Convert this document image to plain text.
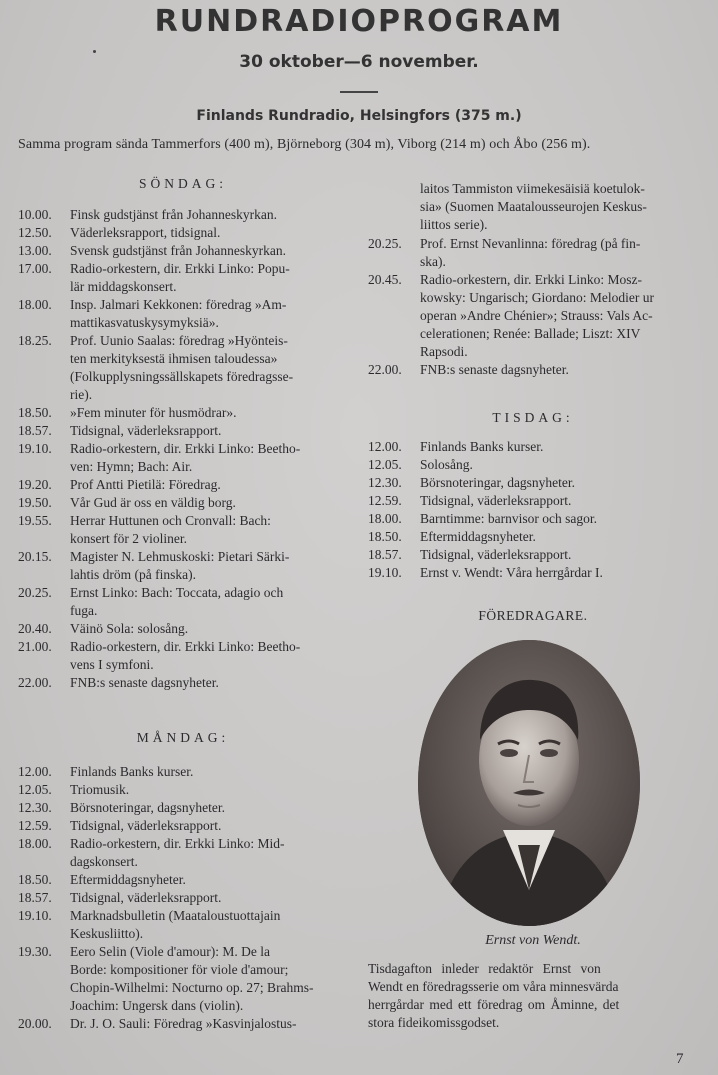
RUNDRADIOPROGRAM
30 oktober—6 november.
Finlands Rundradio, Helsingfors (375 m.)
Samma program sända Tammerfors (400 m), Björneborg (304 m), Viborg (214 m) och Åbo (256 m).
SÖNDAG:
10.00.	Finsk gudstjänst från Johanneskyrkan.
12.50.	Väderleksrapport, tidsignal.
13.00.	Svensk gudstjänst från Johanneskyrkan.
17.00.	Radio-orkestern, dir. Erkki Linko: Popu-
lär middagskonsert.
18.00.	Insp. Jalmari Kekkonen: föredrag »Am-
mattikasvatuskysymyksiä».
18.25.	Prof. Uunio Saalas: föredrag »Hyönteis-
ten merkityksestä ihmisen taloudessa»
(Folkupplysningssällskapets föredragsse-
rie).
18.50.	»Fem minuter för husmödrar».
18.57.	Tidsignal, väderleksrapport.
19.10.	Radio-orkestern, dir. Erkki Linko: Beetho-
ven: Hymn; Bach: Air.
19.20.	Prof Antti Pietilä: Föredrag.
19.50.	Vår Gud är oss en väldig borg.
19.55.	Herrar Huttunen och Cronvall: Bach:
konsert för 2 violiner.
20.15.	Magister N. Lehmuskoski: Pietari Särki-
lahtis dröm (på finska).
20.25.	Ernst Linko: Bach: Toccata, adagio och
fuga.
20.40.	Väinö Sola: solosång.
21.00.	Radio-orkestern, dir. Erkki Linko: Beetho-
vens I symfoni.
22.00.	FNB:s senaste dagsnyheter.
MÅNDAG:
12.00.	Finlands Banks kurser.
12.05.	Triomusik.
12.30.	Börsnoteringar, dagsnyheter.
12.59.	Tidsignal, väderleksrapport.
18.00.	Radio-orkestern, dir. Erkki Linko: Mid-
dagskonsert.
18.50.	Eftermiddagsnyheter.
18.57.	Tidsignal, väderleksrapport.
19.10.	Marknadsbulletin (Maataloustuottajain
Keskusliitto).
19.30.	Eero Selin (Viole d'amour): M. De la
Borde: kompositioner för viole d'amour;
Chopin-Wilhelmi: Nocturno op. 27; Brahms-
Joachim: Ungersk dans (violin).
20.00.	Dr. J. O. Sauli: Föredrag »Kasvinjalostus-
laitos Tammiston viimekesäisiä koetulok-
sia» (Suomen Maatalousseurojen Keskus-
liittos serie).
20.25.	Prof. Ernst Nevanlinna: föredrag (på fin-
ska).
20.45.	Radio-orkestern, dir. Erkki Linko: Mosz-
kowsky: Ungarisch; Giordano: Melodier ur
operan »Andre Chénier»; Strauss: Vals Ac-
celerationen; Renée: Ballade; Liszt: XIV
Rapsodi.
22.00.	FNB:s senaste dagsnyheter.
TISDAG:
12.00.	Finlands Banks kurser.
12.05.	Solosång.
12.30.	Börsnoteringar, dagsnyheter.
12.59.	Tidsignal, väderleksrapport.
18.00.	Barntimme: barnvisor och sagor.
18.50.	Eftermiddagsnyheter.
18.57.	Tidsignal, väderleksrapport.
19.10.	Ernst v. Wendt: Våra herrgårdar I.
FÖREDRAGARE.
Ernst von Wendt.
Tisdagafton inleder redaktör Ernst von
Wendt en föredragsserie om våra minnesvärda
herrgårdar med ett föredrag om Åminne, det
stora fideikomissgodset.
7
